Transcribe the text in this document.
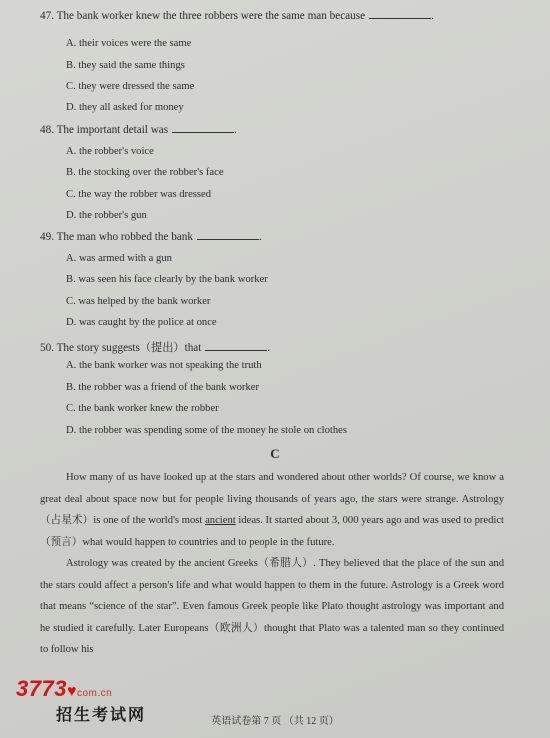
47. The bank worker knew the three robbers were the same man because	.
A. their voices were the same
B. they said the same things
C. they were dressed the same
D. they all asked for money
48. The important detail was	.
A. the robber's voice
B. the stocking over the robber's face
C. the way the robber was dressed
D. the robber's gun
49. The man who robbed the bank	.
A. was armed with a gun
B. was seen his face clearly by the bank worker
C. was helped by the bank worker
D. was caught by the police at once
50. The story suggests（提出）that	.
A. the bank worker was not speaking the truth
B. the robber was a friend of the bank worker
C. the bank worker knew the robber
D. the robber was spending some of the money he stole on clothes
C

How many of us have looked up at the stars and wondered about other worlds? Of course, we know a great deal about space now but for people living thousands of years ago, the stars were strange. Astrology（占星术）is one of the world's most ancient ideas. It started about 3, 000 years ago and was used to predict（预言）what would happen to countries and to people in the future.

Astrology was created by the ancient Greeks（希腊人）. They believed that the place of the sun and the stars could affect a person's life and what would happen to them in the future. Astrology is a Greek word that means “science of the star”. Even famous Greek people like Plato thought astrology was important and he studied it carefully. Later Europeans（欧洲人）thought that Plato was a talented man so they continued to follow his

英语试卷第 7 页 （共 12 页）
3773♥com.cn
招生考试网
